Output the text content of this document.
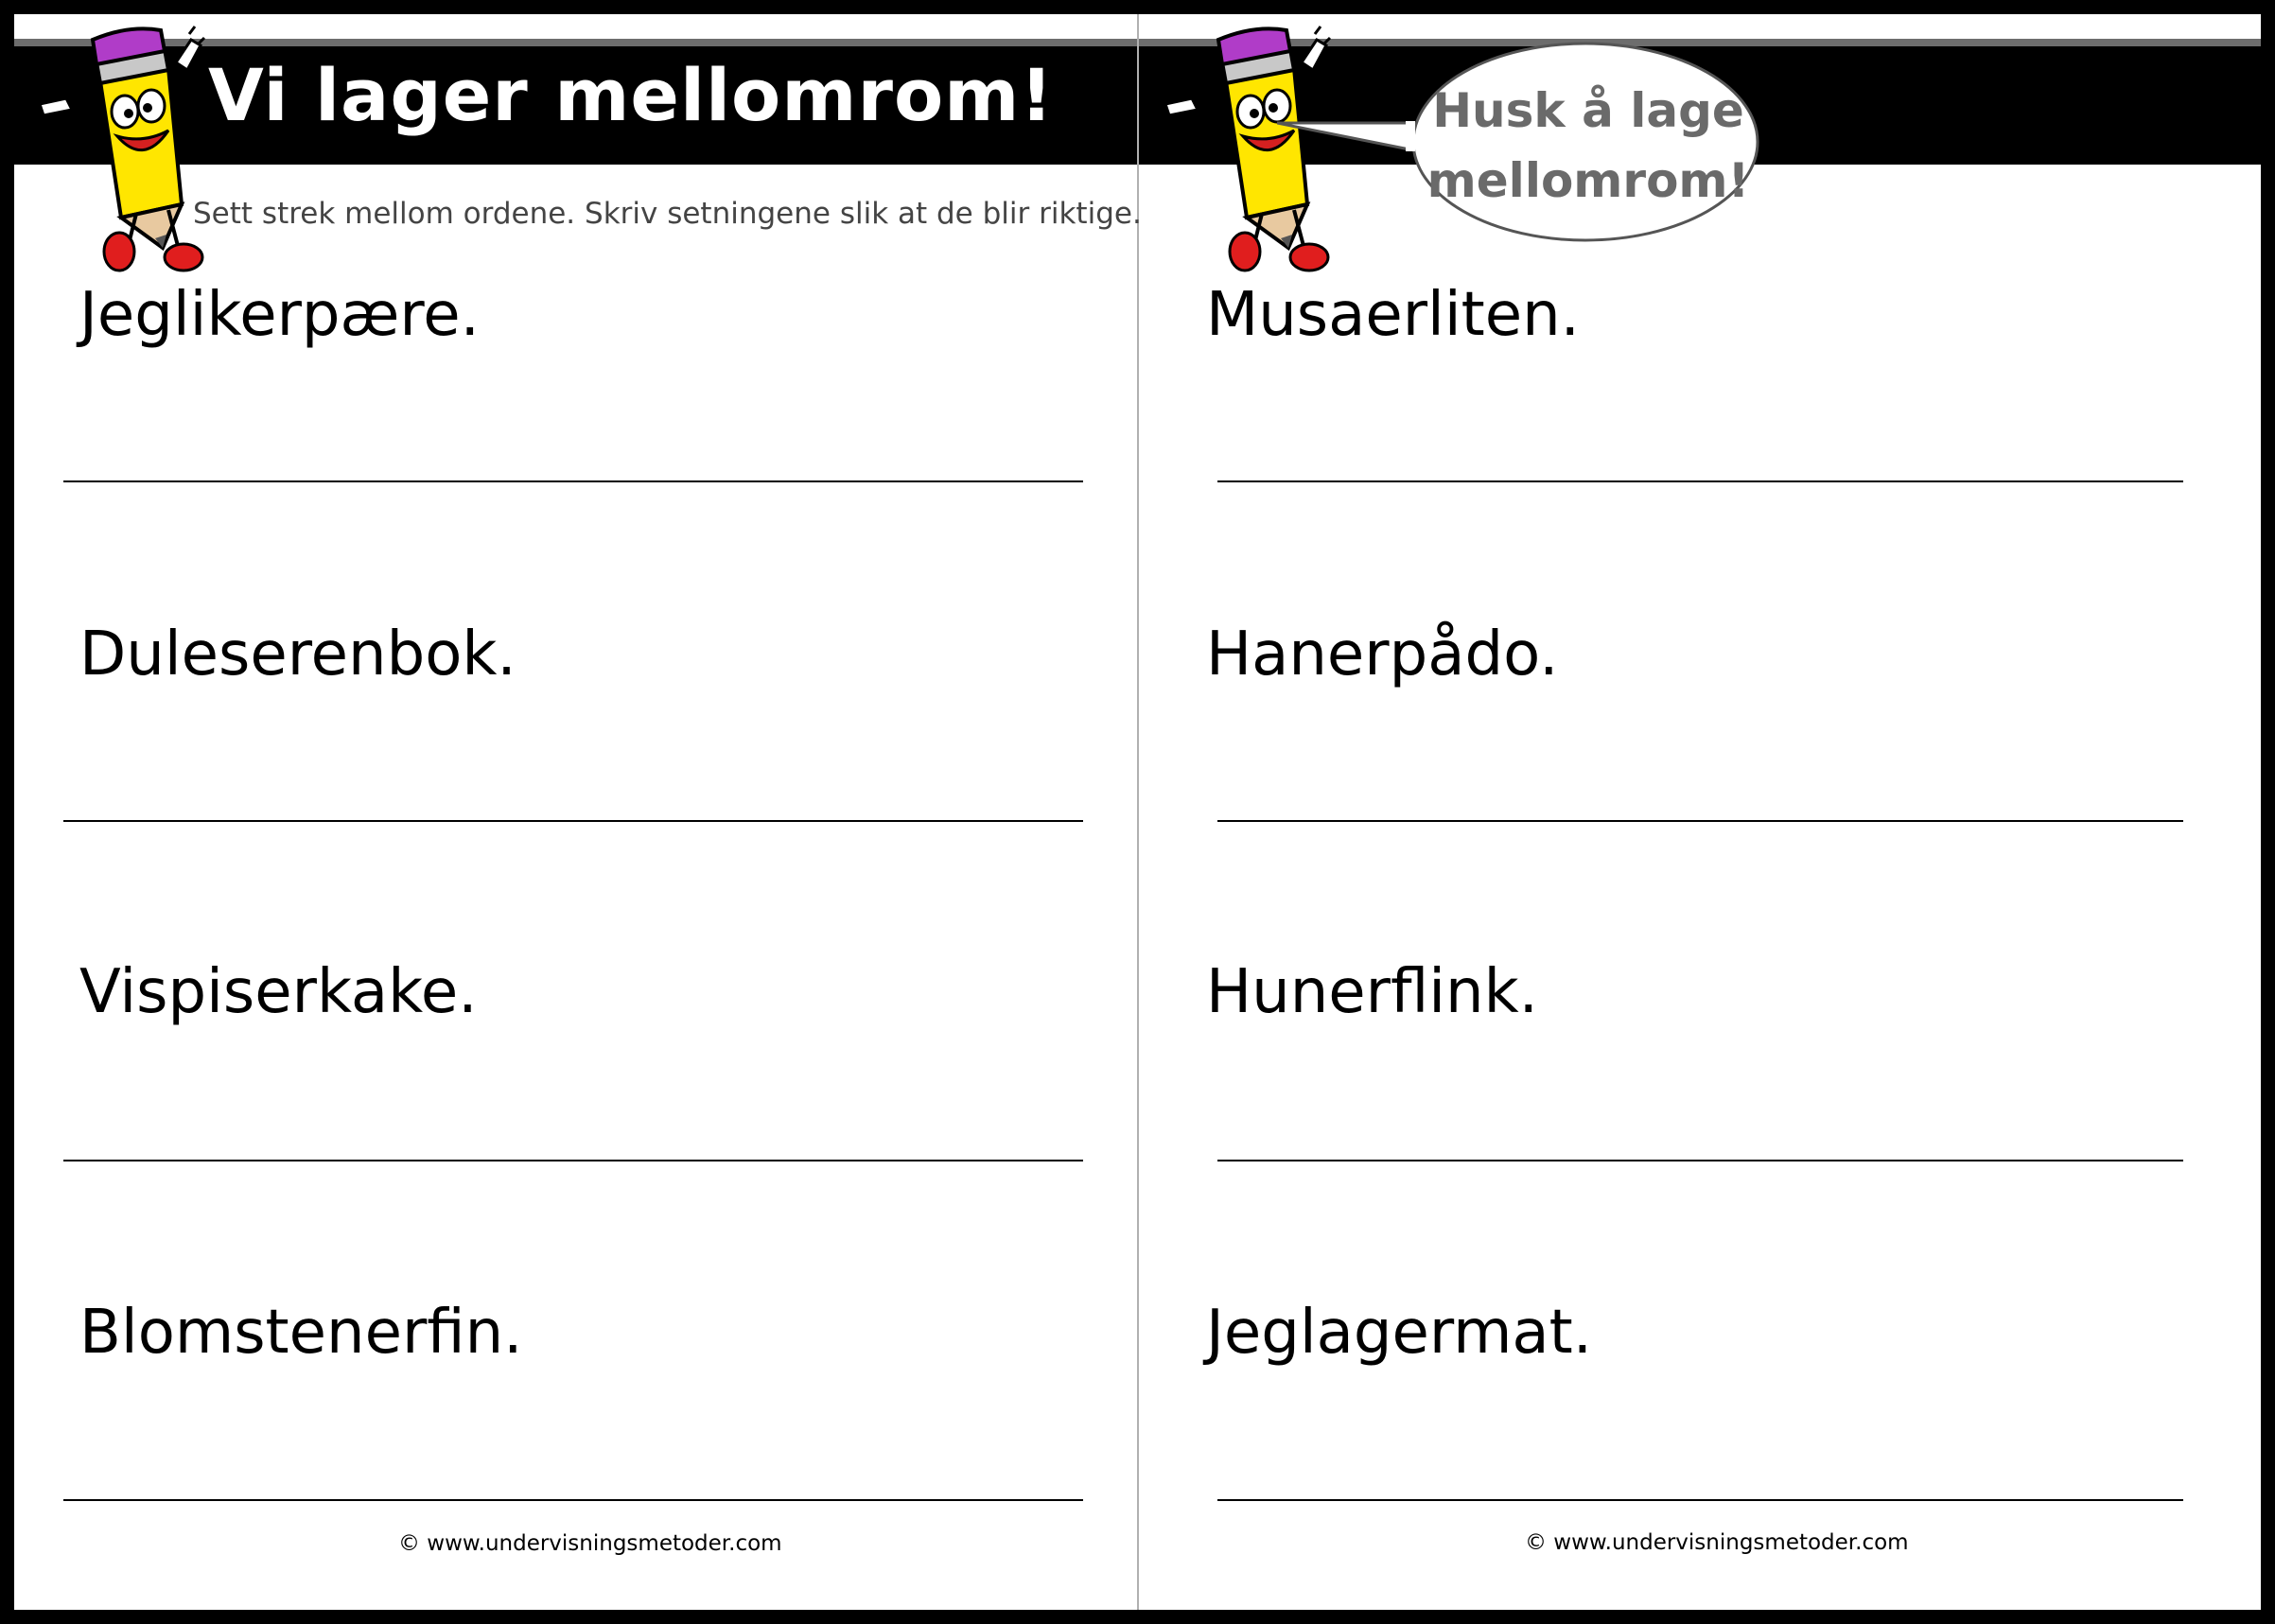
Vi lager mellomrom!	Husk å lage
mellomrom!
Sett strek mellom ordene. Skriv setningene slik at de blir riktige.
Jeglikerpære.
Duleserenbok.
Vispiserkake.
Blomstenerfin.
Musaerliten.
Hanerpådo.
Hunerflink.
Jeglagermat.
© www.undervisningsmetoder.com	© www.undervisningsmetoder.com
